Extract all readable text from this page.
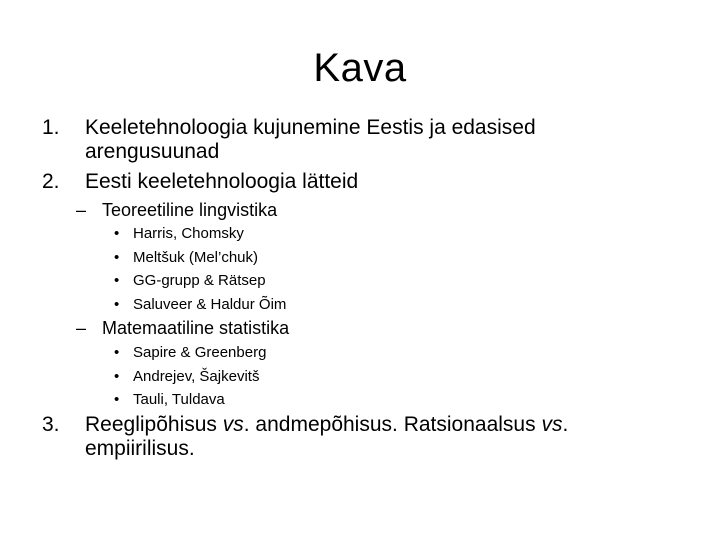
Kava
1. Keeletehnoloogia kujunemine Eestis ja edasised
arengusuunad
2. Eesti keeletehnoloogia lätteid
– Teoreetiline lingvistika
• Harris, Chomsky
• Meltšuk (Mel’chuk)
• GG-grupp & Rätsep
• Saluveer & Haldur Õim
– Matemaatiline statistika
• Sapire & Greenberg
• Andrejev, Šajkevitš
• Tauli, Tuldava
3. Reeglipõhisus vs. andmepõhisus. Ratsionaalsus vs.
empiirilisus.
